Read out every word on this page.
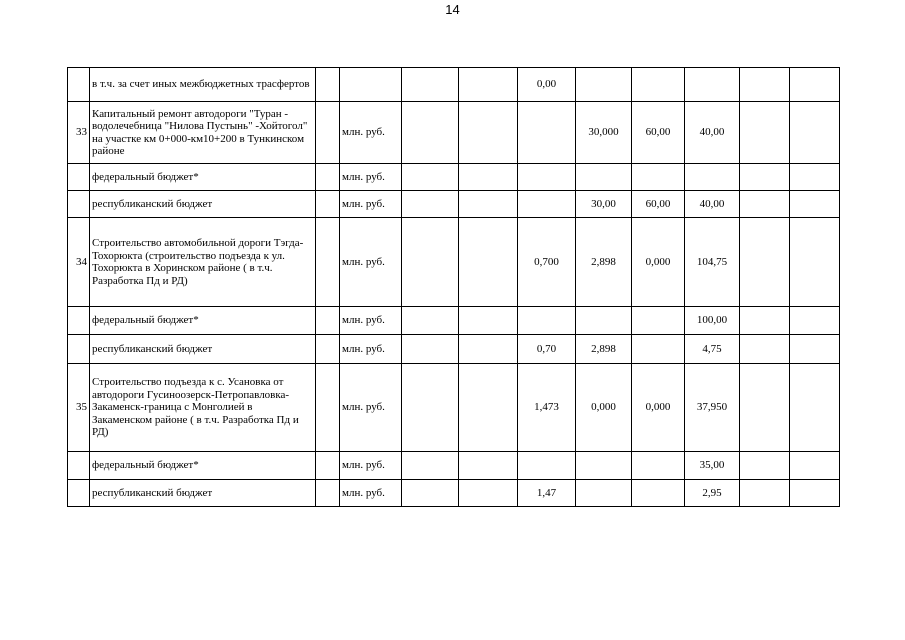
14
	в т.ч. за счет иных межбюджетных трасфертов					0,00					
33	Капитальный ремонт автодороги "Туран - водолечебница "Нилова Пустынь" -Хойтогол" на участке км 0+000-км10+200 в Тункинском районе		млн. руб.				30,000	60,00	40,00		
	федеральный бюджет*		млн. руб.								
	республиканский бюджет		млн. руб.				30,00	60,00	40,00		
34	Строительство автомобильной дороги Тэгда-Тохорюкта (строительство подъезда к ул. Тохорюкта в Хоринском районе ( в т.ч. Разработка Пд и РД)		млн. руб.			0,700	2,898	0,000	104,75		
	федеральный бюджет*		млн. руб.						100,00		
	республиканский бюджет		млн. руб.			0,70	2,898		4,75		
35	Строительство подъезда к с. Усановка от автодороги Гусиноозерск-Петропавловка-Закаменск-граница с Монголией в Закаменском районе ( в т.ч. Разработка Пд и РД)		млн. руб.			1,473	0,000	0,000	37,950		
	федеральный бюджет*		млн. руб.						35,00		
	республиканский бюджет		млн. руб.			1,47			2,95		
